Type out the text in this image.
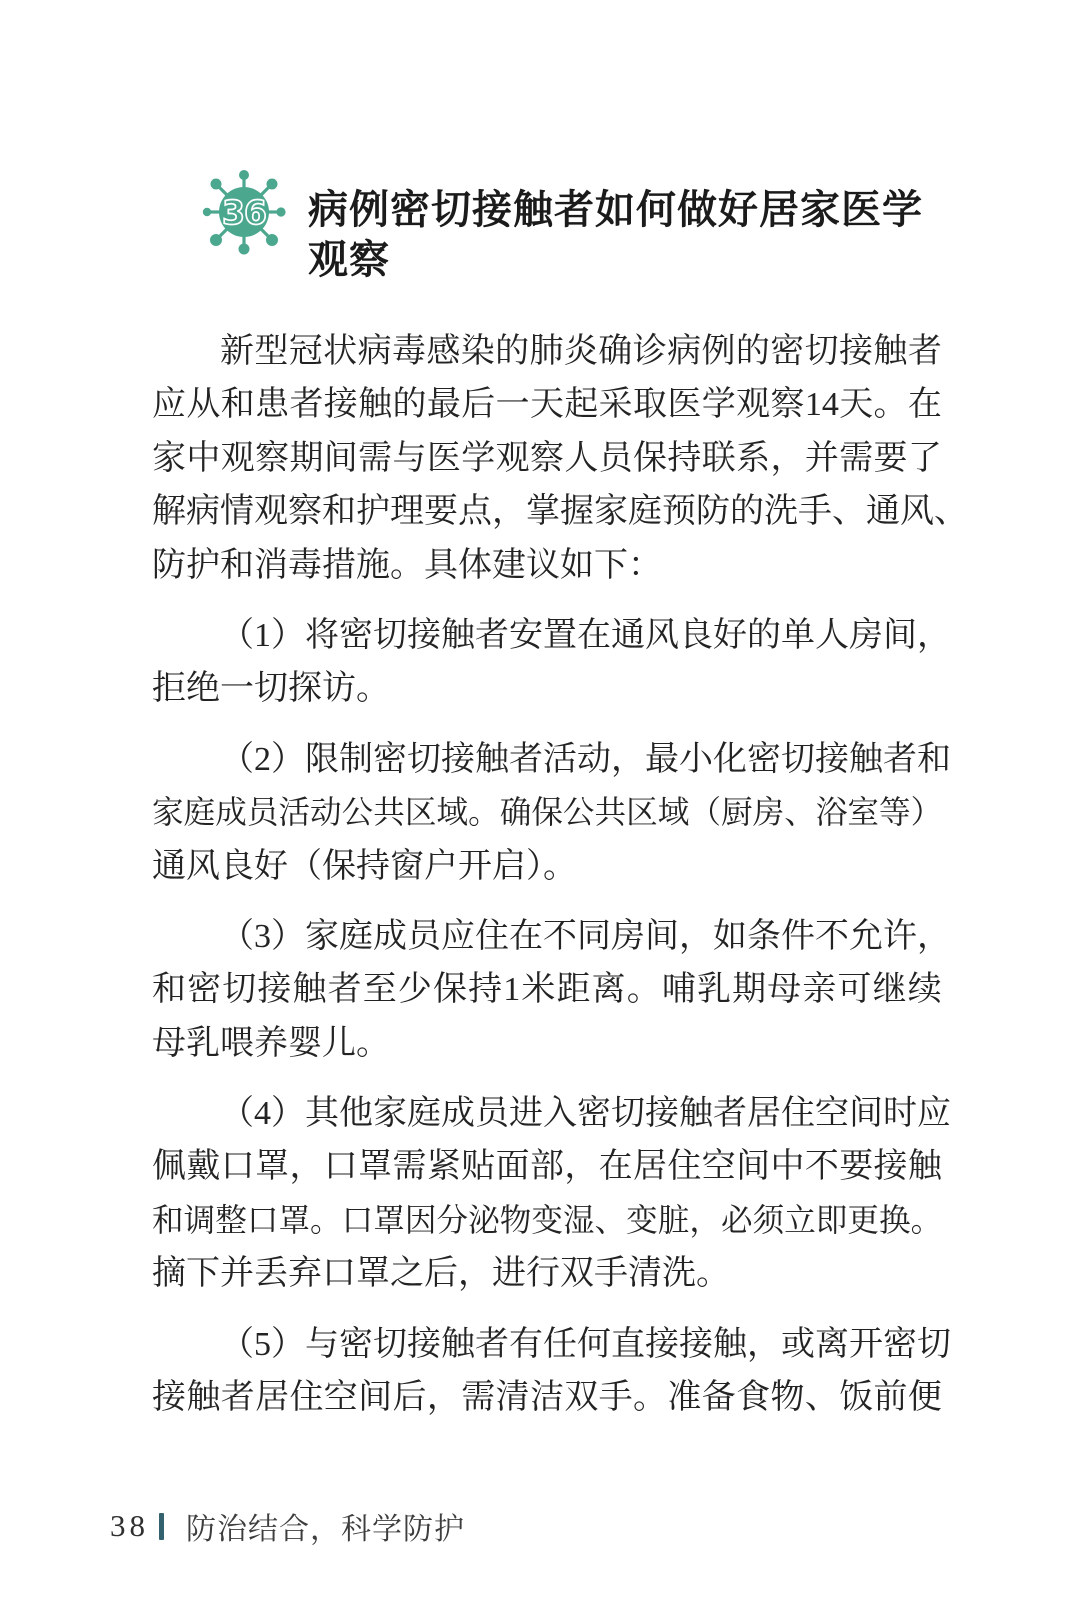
36 病例密切接触者如何做好居家医学
观察
新 型 冠 状 病 毒 感 染 的 肺 炎 确 诊 病 例 的 密 切 接 触 者
应 从 和 患 者 接 触 的 最 后 一 天 起 采 取 医 学 观 察 14 天 。 在
家 中 观 察 期 间 需 与 医 学 观 察 人 员 保 持 联 系 ， 并 需 要 了
解 病 情 观 察 和 护 理 要 点 ， 掌 握 家 庭 预 防 的 洗 手 、 通 风 、
防护和消毒措施。具体建议如下：
（ 1 ） 将 密 切 接 触 者 安 置 在 通 风 良 好 的 单 人 房 间 ，
拒绝一切探访。
（ 2 ） 限 制 密 切 接 触 者 活 动 ， 最 小 化 密 切 接 触 者 和
家 庭 成 员 活 动 公 共 区 域 。 确 保 公 共 区 域 （ 厨 房 、 浴 室 等 ）
通风良好（保持窗户开启）。
（ 3 ） 家 庭 成 员 应 住 在 不 同 房 间 ， 如 条 件 不 允 许 ，
和 密 切 接 触 者 至 少 保 持 1 米 距 离 。 哺 乳 期 母 亲 可 继 续
母乳喂养婴儿。
（ 4 ） 其 他 家 庭 成 员 进 入 密 切 接 触 者 居 住 空 间 时 应
佩 戴 口 罩 ， 口 罩 需 紧 贴 面 部 ， 在 居 住 空 间 中 不 要 接 触
和 调 整 口 罩 。 口 罩 因 分 泌 物 变 湿 、 变 脏 ， 必 须 立 即 更 换 。
摘下并丢弃口罩之后，进行双手清洗。
（ 5 ） 与 密 切 接 触 者 有 任 何 直 接 接 触 ， 或 离 开 密 切
接 触 者 居 住 空 间 后 ， 需 清 洁 双 手 。 准 备 食 物 、 饭 前 便
38 防治结合，科学防护
